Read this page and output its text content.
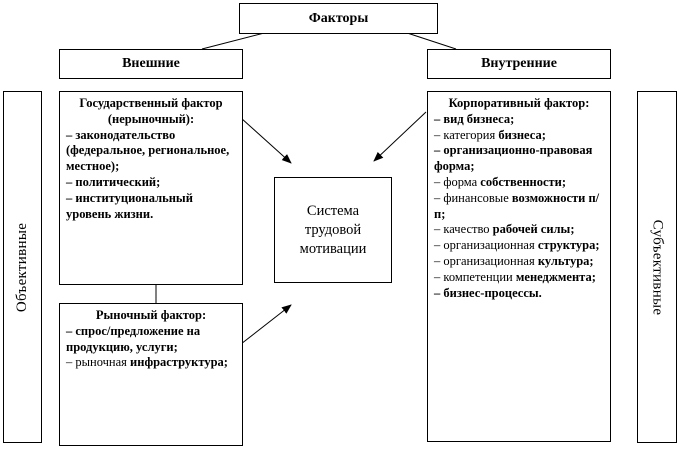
Факторы
Внешние	Внутренние
Объективные	Субъективные
Государственный фактор (нерыночный):
– законодательство (федеральное, региональное, местное);
– политический;
– институциональный уровень жизни.
Рыночный фактор:
– спрос/предложение на продукцию, услуги;
– рыночная инфраструктура;
Система
трудовой
мотивации
Корпоративный фактор:
– вид бизнеса;
– категория бизнеса;
– организационно-правовая форма;
– форма собственности;
– финансовые возможности п/п;
– качество рабочей силы;
– организационная структура;
– организационная культура;
– компетенции менеджмента;
– бизнес-процессы.
